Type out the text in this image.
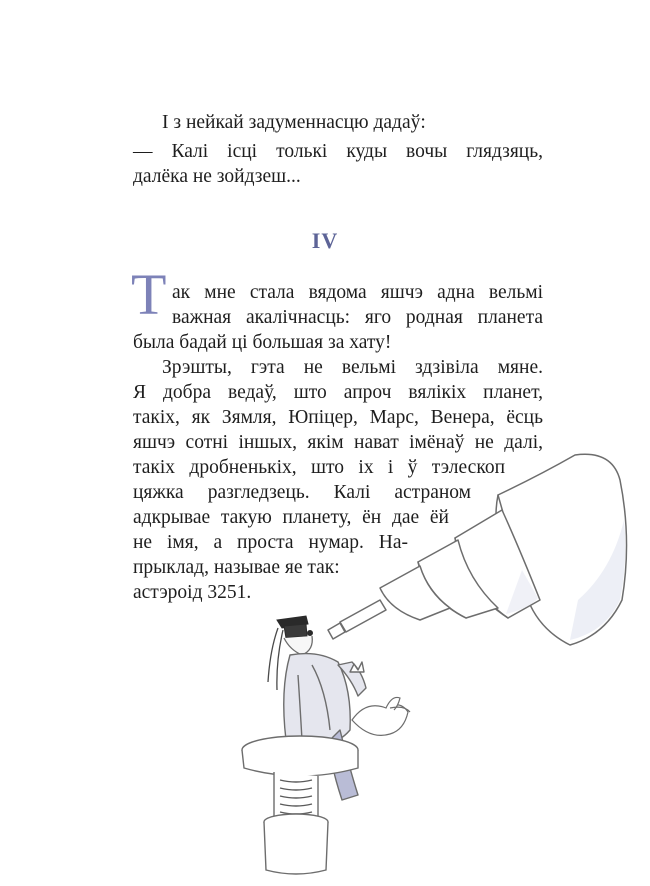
І з нейкай задуменнасцю дадаў:

— Калі ісці толькі куды вочы глядзяць,

далёка не зойдзеш...

IV
Т ак мне стала вядома яшчэ адна вельмі

важная акалічнасць: яго родная планета

была бадай ці большая за хату!

Зрэшты, гэта не вельмі здзівіла мяне.

Я добра ведаў, што апроч вялікіх планет,

такіх, як Зямля, Юпіцер, Марс, Венера, ёсць

яшчэ сотні іншых, якім нават імёнаў не далі,

такіх дробненькіх, што іх і ў тэлескоп

цяжка разгледзець. Калі астраном

адкрывае такую планету, ён дае ёй

не імя, а проста нумар. На-

прыклад, называе яе так:

астэроід 3251.
